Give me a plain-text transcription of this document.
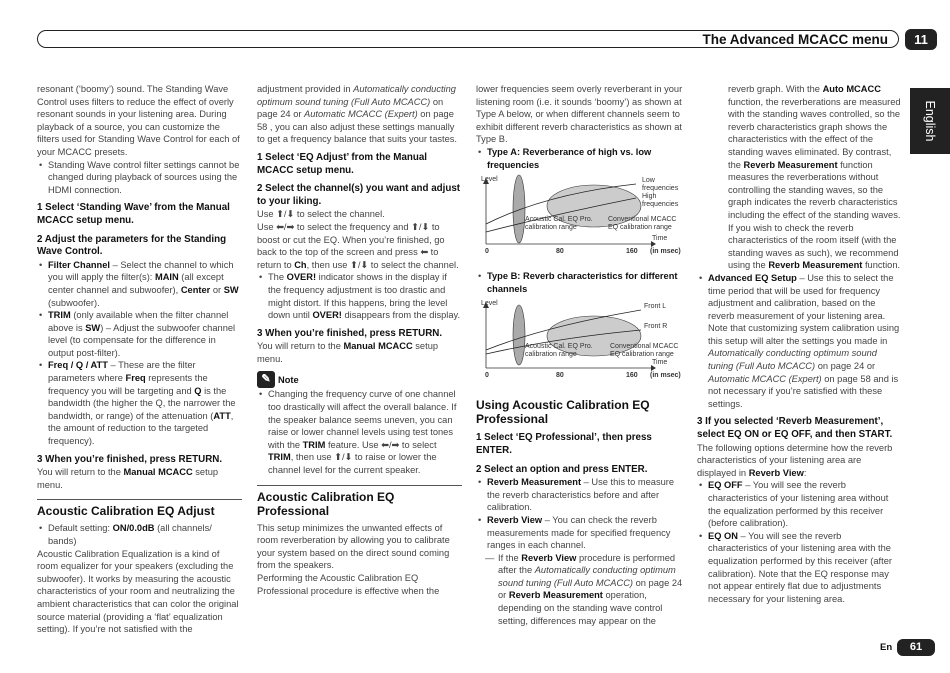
The Advanced MCACC menu	11
English

resonant (‘boomy’) sound. The Standing Wave Control uses filters to reduce the effect of overly resonant sounds in your listening area. During playback of a source, you can customize the filters used for Standing Wave Control for each of your MCACC presets.

• Standing Wave control filter settings cannot be changed during playback of sources using the HDMI connection.

1 Select ‘Standing Wave’ from the Manual MCACC setup menu.

2 Adjust the parameters for the Standing Wave Control.

• Filter Channel – Select the channel to which you will apply the filter(s): MAIN (all except center channel and subwoofer), Center or SW (subwoofer).
• TRIM (only available when the filter channel above is SW) – Adjust the subwoofer channel level (to compensate for the difference in output post-filter).
• Freq / Q / ATT – These are the filter parameters where Freq represents the frequency you will be targeting and Q is the bandwidth (the higher the Q, the narrower the bandwidth, or range) of the attenuation (ATT, the amount of reduction to the targeted frequency).

3 When you’re finished, press RETURN.

You will return to the Manual MCACC setup menu.

Acoustic Calibration EQ Adjust

• Default setting: ON/0.0dB (all channels/ bands)

Acoustic Calibration Equalization is a kind of room equalizer for your speakers (excluding the subwoofer). It works by measuring the acoustic characteristics of your room and neutralizing the ambient characteristics that can color the original source material (providing a ‘flat’ equalization setting). If you’re not satisfied with the

adjustment provided in Automatically conducting optimum sound tuning (Full Auto MCACC) on page 24 or Automatic MCACC (Expert) on page 58 , you can also adjust these settings manually to get a frequency balance that suits your tastes.

1 Select ‘EQ Adjust’ from the Manual MCACC setup menu.

2 Select the channel(s) you want and adjust to your liking.

Use ⬆/⬇ to select the channel.

Use ⬅/➡ to select the frequency and ⬆/⬇ to boost or cut the EQ. When you’re finished, go back to the top of the screen and press ⬅ to return to Ch, then use ⬆/⬇ to select the channel.

• The OVER! indicator shows in the display if the frequency adjustment is too drastic and might distort. If this happens, bring the level down until OVER! disappears from the display.

3 When you’re finished, press RETURN.

You will return to the Manual MCACC setup menu.

✎ Note
• Changing the frequency curve of one channel too drastically will affect the overall balance. If the speaker balance seems uneven, you can raise or lower channel levels using test tones with the TRIM feature. Use ⬅/➡ to select TRIM, then use ⬆/⬇ to raise or lower the channel level for the current speaker.

Acoustic Calibration EQ Professional

This setup minimizes the unwanted effects of room reverberation by allowing you to calibrate your system based on the direct sound coming from the speakers.

Performing the Acoustic Calibration EQ Professional procedure is effective when the

lower frequencies seem overly reverberant in your listening room (i.e. it sounds ‘boomy’) as shown at Type A below, or when different channels seem to exhibit different reverb characteristics as shown at Type B.

• Type A: Reverberance of high vs. low frequencies
Level	Low
frequencies
High
frequencies
Acoustic Cal. EQ Pro.
calibration range
Conventional MCACC
EQ calibration range
Time
(in msec)
0	80	160
• Type B: Reverb characteristics for different channels
Level	Front L
Front R
Acoustic Cal. EQ Pro.
calibration range
Conventional MCACC
EQ calibration range
Time
(in msec)
0	80	160

Using Acoustic Calibration EQ Professional

1 Select ‘EQ Professional’, then press ENTER.

2 Select an option and press ENTER.

• Reverb Measurement – Use this to measure the reverb characteristics before and after calibration.
• Reverb View – You can check the reverb measurements made for specified frequency ranges in each channel.

— If the Reverb View procedure is performed after the Automatically conducting optimum sound tuning (Full Auto MCACC) on page 24 or Reverb Measurement operation, depending on the standing wave control setting, differences may appear on the

reverb graph. With the Auto MCACC function, the reverberations are measured with the standing waves controlled, so the reverb characteristics graph shows the characteristics with the effect of the standing waves eliminated. By contrast, the Reverb Measurement function measures the reverberations without controlling the standing waves, so the graph indicates the reverb characteristics including the effect of the standing waves. If you wish to check the reverb characteristics of the room itself (with the standing waves as such), we recommend using the Reverb Measurement function.

• Advanced EQ Setup – Use this to select the time period that will be used for frequency adjustment and calibration, based on the reverb measurement of your listening area. Note that customizing system calibration using this setup will alter the settings you made in Automatically conducting optimum sound tuning (Full Auto MCACC) on page 24 or Automatic MCACC (Expert) on page 58 and is not necessary if you’re satisfied with these settings.

3 If you selected ‘Reverb Measurement’, select EQ ON or EQ OFF, and then START.

The following options determine how the reverb characteristics of your listening area are displayed in Reverb View:

• EQ OFF – You will see the reverb characteristics of your listening area without the equalization performed by this receiver (before calibration).
• EQ ON – You will see the reverb characteristics of your listening area with the equalization performed by this receiver (after calibration). Note that the EQ response may not appear entirely flat due to adjustments necessary for your listening area.
En	61
